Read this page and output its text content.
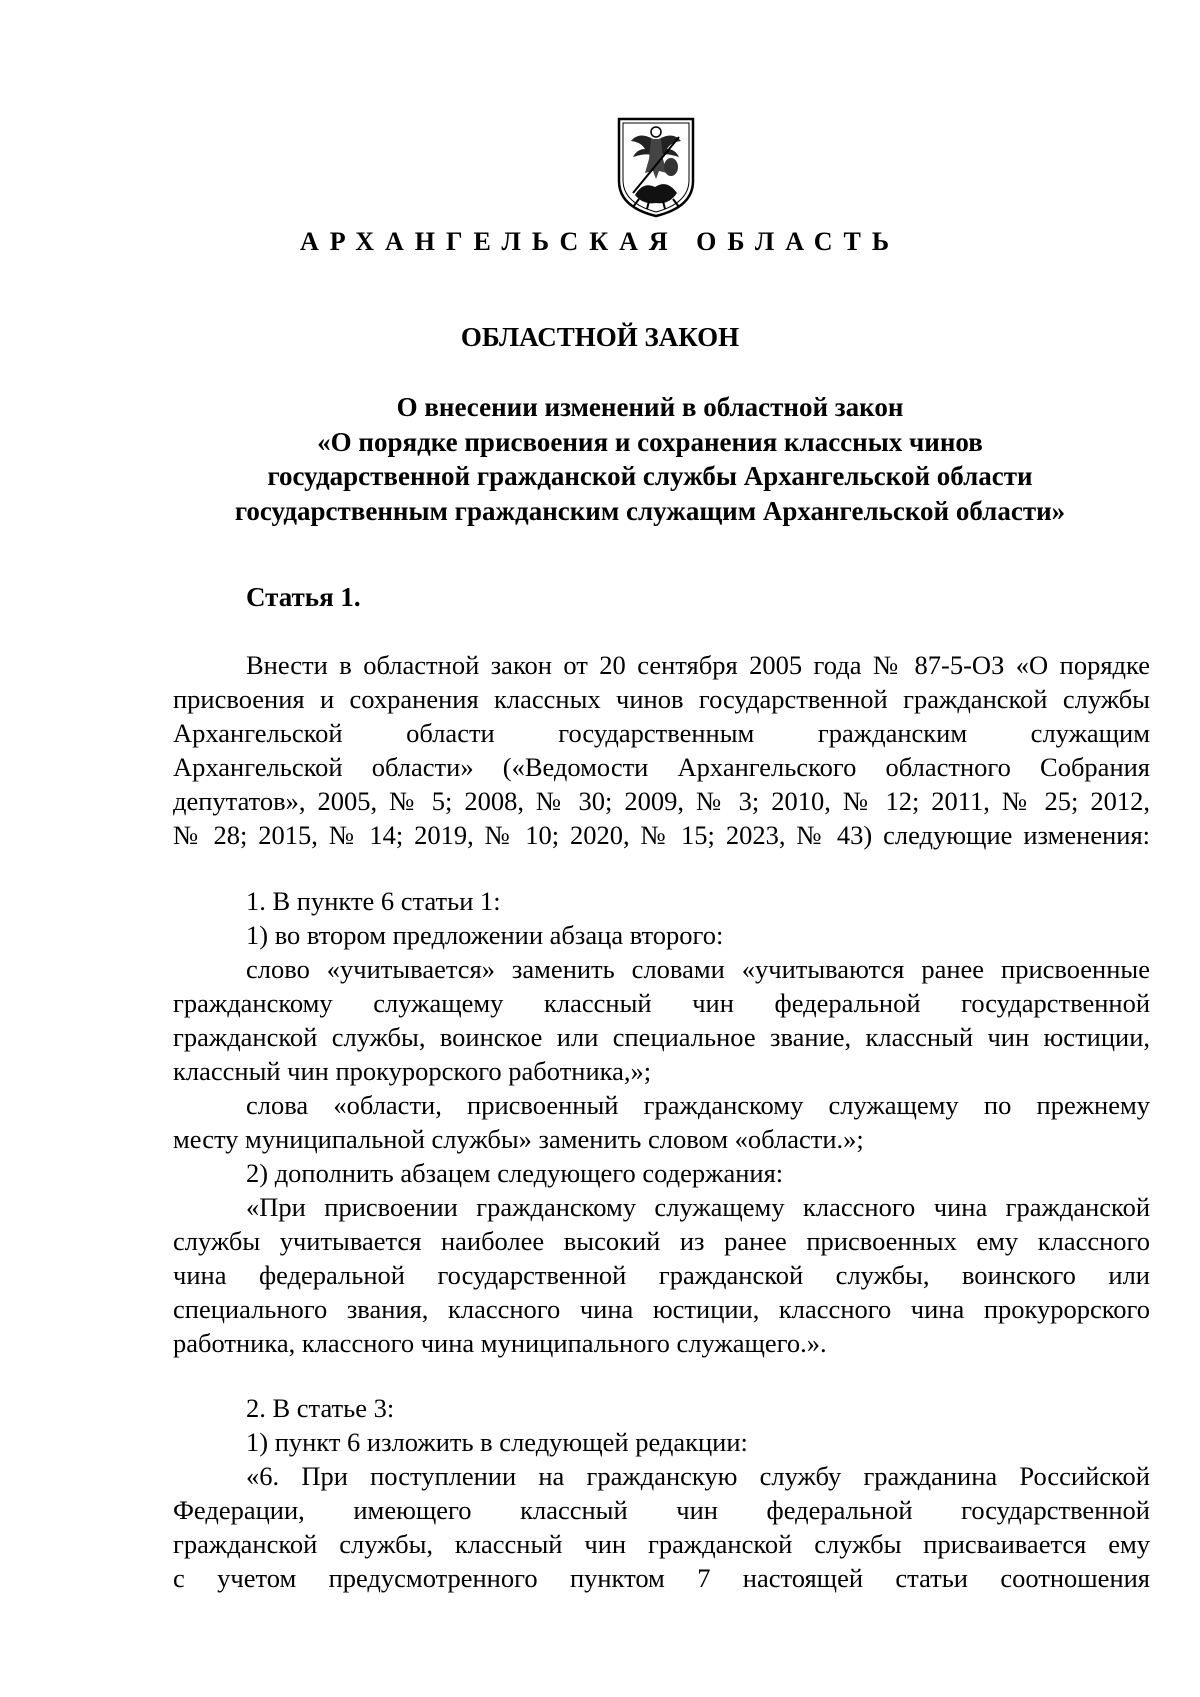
АРХАНГЕЛЬСКАЯ ОБЛАСТЬ
ОБЛАСТНОЙ ЗАКОН
О внесении изменений в областной закон
«О порядке присвоения и сохранения классных чинов
государственной гражданской службы Архангельской области
государственным гражданским служащим Архангельской области»
Статья 1.
Внести в областной закон от 20 сентября 2005 года № 87-5-ОЗ «О порядке
присвоения и сохранения классных чинов государственной гражданской службы
Архангельской области государственным гражданским служащим
Архангельской области» («Ведомости Архангельского областного Собрания
депутатов», 2005, № 5; 2008, № 30; 2009, № 3; 2010, № 12; 2011, № 25; 2012,
№ 28; 2015, № 14; 2019, № 10; 2020, № 15; 2023, № 43) следующие изменения:
1. В пункте 6 статьи 1:
1) во втором предложении абзаца второго:
слово «учитывается» заменить словами «учитываются ранее присвоенные
гражданскому служащему классный чин федеральной государственной
гражданской службы, воинское или специальное звание, классный чин юстиции,
классный чин прокурорского работника,»;
слова «области, присвоенный гражданскому служащему по прежнему
месту муниципальной службы» заменить словом «области.»;
2) дополнить абзацем следующего содержания:
«При присвоении гражданскому служащему классного чина гражданской
службы учитывается наиболее высокий из ранее присвоенных ему классного
чина федеральной государственной гражданской службы, воинского или
специального звания, классного чина юстиции, классного чина прокурорского
работника, классного чина муниципального служащего.».
2. В статье 3:
1) пункт 6 изложить в следующей редакции:
«6. При поступлении на гражданскую службу гражданина Российской
Федерации, имеющего классный чин федеральной государственной
гражданской службы, классный чин гражданской службы присваивается ему
с учетом предусмотренного пунктом 7 настоящей статьи соотношения
